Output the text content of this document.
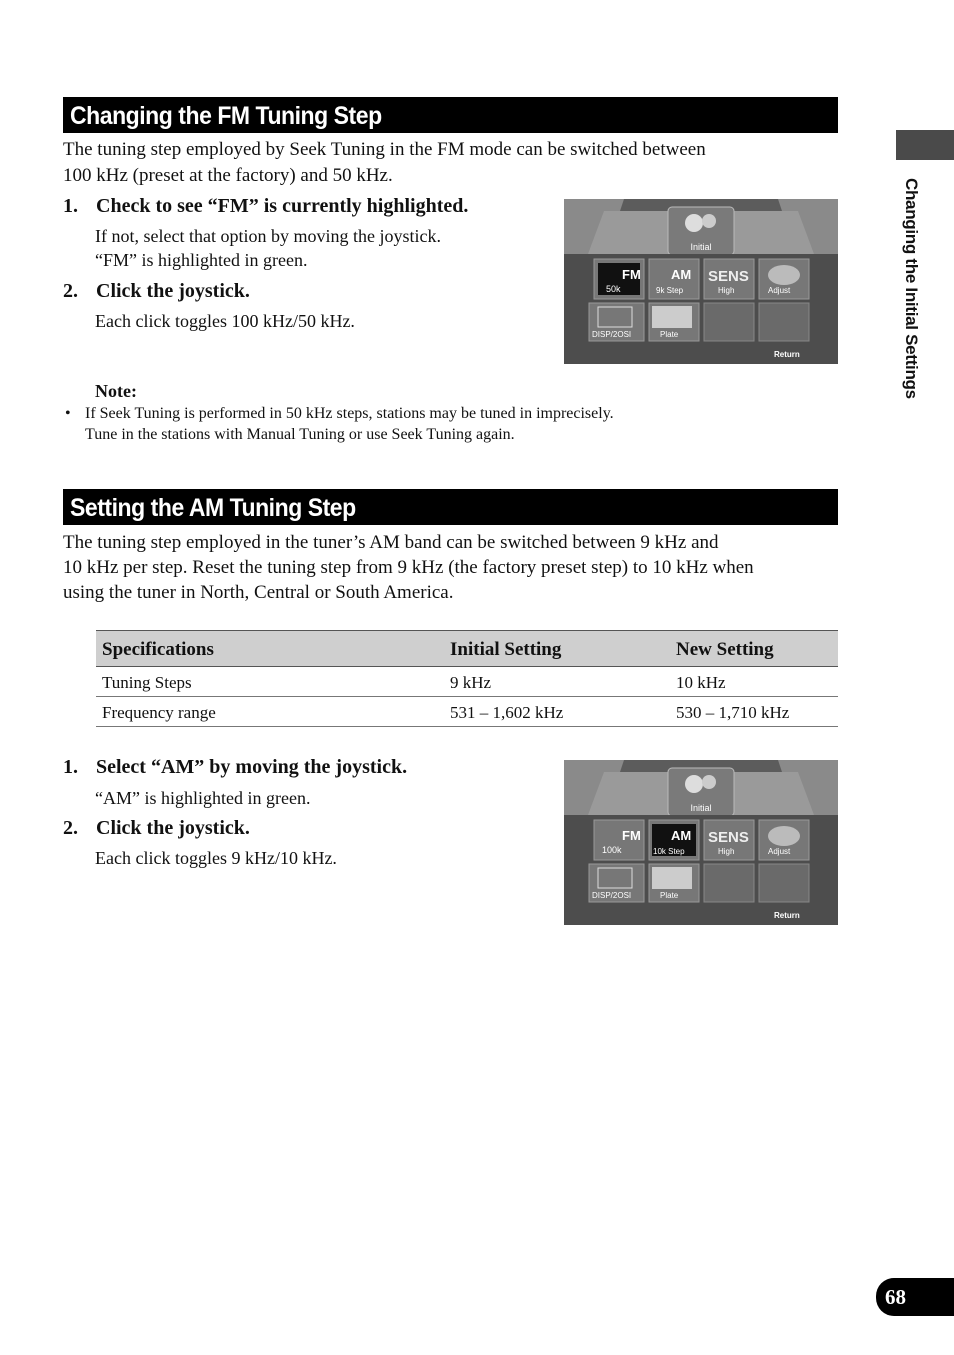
Changing the FM Tuning Step

The tuning step employed by Seek Tuning in the FM mode can be switched between

100 kHz (preset at the factory) and 50 kHz.

1. Check to see “FM” is currently highlighted.

If not, select that option by moving the joystick.

“FM” is highlighted in green.

2. Click the joystick.

Each click toggles 100 kHz/50 kHz.

Initial
FM
50k
AM
9k Step
SENS
High	Adjust
DISP/2OSI	Plate
Return
Note:
• If Seek Tuning is performed in 50 kHz steps, stations may be tuned in imprecisely.
Tune in the stations with Manual Tuning or use Seek Tuning again.
Setting the AM Tuning Step

The tuning step employed in the tuner’s AM band can be switched between 9 kHz and

10 kHz per step. Reset the tuning step from 9 kHz (the factory preset step) to 10 kHz when

using the tuner in North, Central or South America.

Specifications	Initial Setting	New Setting
Tuning Steps	9 kHz	10 kHz
Frequency range	531 – 1,602 kHz	530 – 1,710 kHz

1. Select “AM” by moving the joystick.

“AM” is highlighted in green.

2. Click the joystick.

Each click toggles 9 kHz/10 kHz.

Initial
FM
100k
AM
10k Step
SENS
High	Adjust
DISP/2OSI	Plate
Return
Changing the Initial Settings
68
